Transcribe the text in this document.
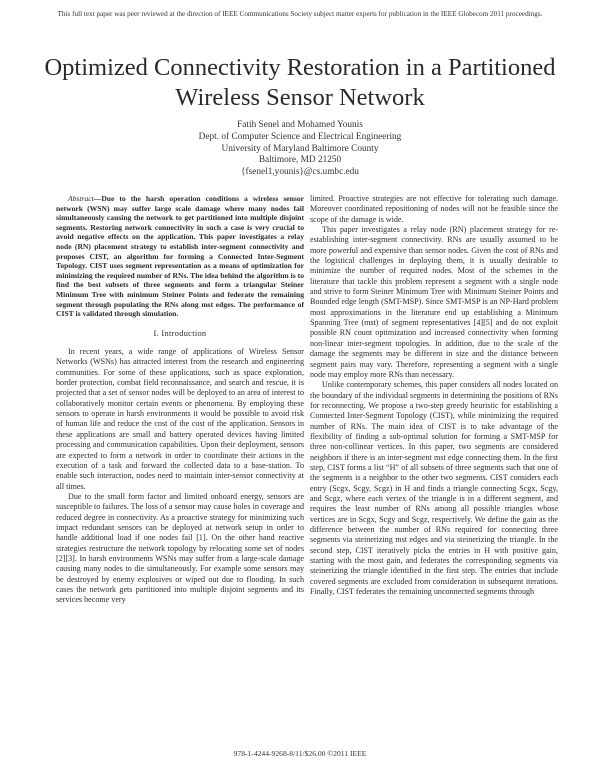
This full text paper was peer reviewed at the direction of IEEE Communications Society subject matter experts for publication in the IEEE Globecom 2011 proceedings.
Optimized Connectivity Restoration in a Partitioned
Wireless Sensor Network
Fatih Senel and Mohamed Younis
Dept. of Computer Science and Electrical Engineering
University of Maryland Baltimore County
Baltimore, MD 21250
{fsenel1,younis}@cs.umbc.edu

Abstract—Due to the harsh operation conditions a wireless sensor network (WSN) may suffer large scale damage where many nodes fail simultaneously causing the network to get partitioned into multiple disjoint segments. Restoring network connectivity in such a case is very crucial to avoid negative effects on the application. This paper investigates a relay node (RN) placement strategy to establish inter-segment connectivity and proposes CIST, an algorithm for forming a Connected Inter-Segment Topology. CIST uses segment representation as a means of optimization for minimizing the required number of RNs. The idea behind the algorithm is to find the best subsets of three segments and form a triangular Steiner Minimum Tree with minimum Steiner Points and federate the remaining segment through populating the RNs along mst edges. The performance of CIST is validated through simulation.

I. Introduction

In recent years, a wide range of applications of Wireless Sensor Networks (WSNs) has attracted interest from the research and engineering communities. For some of these applications, such as space exploration, border protection, combat field reconnaissance, and search and rescue, it is projected that a set of sensor nodes will be deployed to an area of interest to collaboratively monitor certain events or phenomena. By employing these sensors to operate in harsh environments it would be possible to avoid risk of human life and reduce the cost of the cost of the application. Sensors in these applications are small and battery operated devices having limited processing and communication capabilities. Upon their deployment, sensors are expected to form a network in order to coordinate their actions in the execution of a task and forward the collected data to a base-station. To enable such interaction, nodes need to maintain inter-sensor connectivity at all times.

Due to the small form factor and limited onboard energy, sensors are susceptible to failures. The loss of a sensor may cause holes in coverage and reduced degree in connectivity. As a proactive strategy for minimizing such impact redundant sensors can be deployed at network setup in order to handle additional load if one nodes fail [1]. On the other hand reactive strategies restructure the network topology by relocating some set of nodes [2][3]. In harsh environments WSNs may suffer from a large-scale damage causing many nodes to die simultaneously. For example some sensors may be destroyed by enemy explosives or wiped out due to flooding. In such cases the network gets partitioned into multiple disjoint segments and its services become very

limited. Proactive strategies are not effective for tolerating such damage. Moreover coordinated repositioning of nodes will not be feasible since the scope of the damage is wide.

This paper investigates a relay node (RN) placement strategy for re-establishing inter-segment connectivity. RNs are usually assumed to be more powerful and expensive than sensor nodes. Given the cost of RNs and the logistical challenges in deploying them, it is usually desirable to minimize the number of required nodes. Most of the schemes in the literature that tackle this problem represent a segment with a single node and strive to form Steiner Minimum Tree with Minimum Steiner Points and Bounded edge length (SMT-MSP). Since SMT-MSP is an NP-Hard problem most approximations in the literature end up establishing a Minimum Spanning Tree (mst) of segment representatives [4][5] and do not exploit possible RN count optimization and increased connectivity when forming non-linear inter-segment topologies. In addition, due to the scale of the damage the segments may be different in size and the distance between segment pairs may vary. Therefore, representing a segment with a single node may employ more RNs than necessary.

Unlike contemporary schemes, this paper considers all nodes located on the boundary of the individual segments in determining the positions of RNs for reconnecting. We propose a two-step greedy heuristic for establishing a Connected Inter-Segment Topology (CIST), while minimizing the required number of RNs. The main idea of CIST is to take advantage of the flexibility of finding a sub-optimal solution for forming a SMT-MSP for three non-collinear vertices. In this paper, two segments are considered neighbors if there is an inter-segment mst edge connecting them. In the first step, CIST forms a list “H” of all subsets of three segments such that one of the segments is a neighbor to the other two segments. CIST considers each entry (Scgx, Scgy, Scgz) in H and finds a triangle connecting Scgx, Scgy, and Scgz, where each vertex of the triangle is in a different segment, and requires the least number of RNs among all possible triangles whose vertices are in Scgx, Scgy and Scgz, respectively. We define the gain as the difference between the number of RNs required for connecting three segments via steinerizing mst edges and via steinerizing the triangle. In the second step, CIST iteratively picks the entries in H with positive gain, starting with the most gain, and federates the corresponding segments via steinerizing the triangle identified in the first step. The entries that include covered segments are excluded from consideration in subsequent iterations. Finally, CIST federates the remaining unconnected segments through

978-1-4244-9268-8/11/$26.00 ©2011 IEEE
